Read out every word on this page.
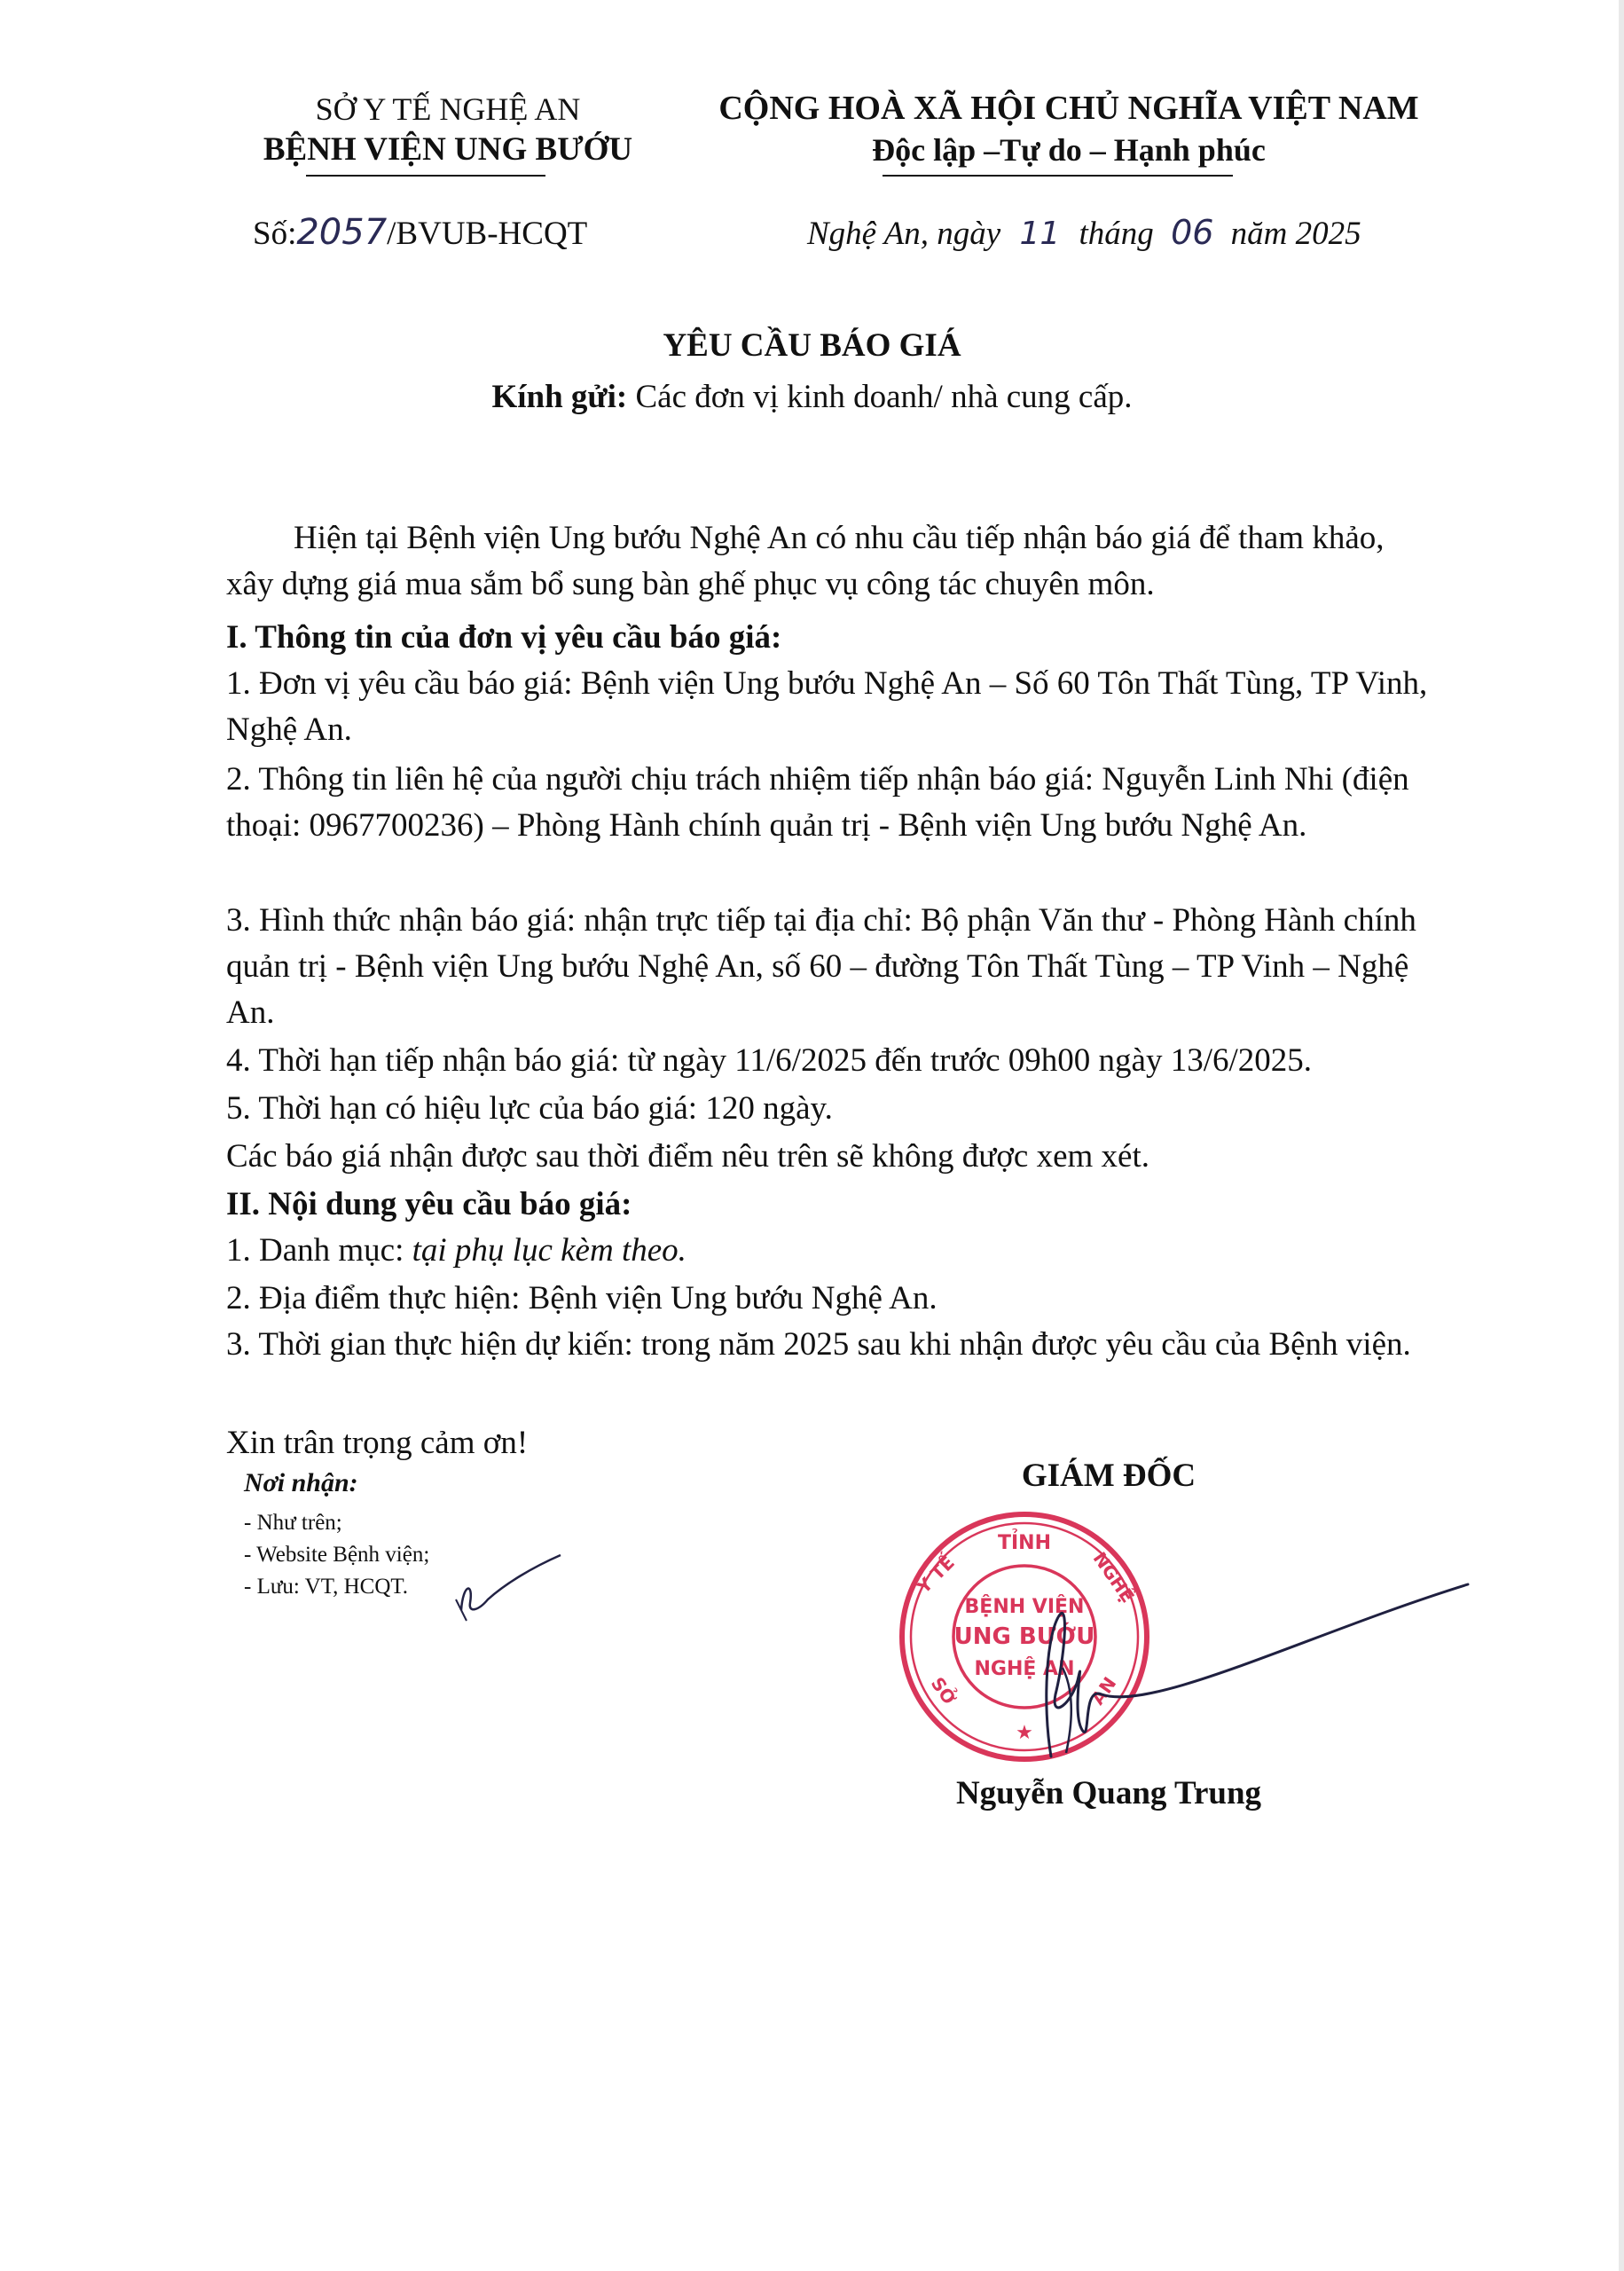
SỞ Y TẾ NGHỆ AN
BỆNH VIỆN UNG BƯỚU
Số:2057/BVUB-HCQT
CỘNG HOÀ XÃ HỘI CHỦ NGHĨA VIỆT NAM
Độc lập –Tự do – Hạnh phúc
Nghệ An, ngày 11 tháng 06 năm 2025
YÊU CẦU BÁO GIÁ
Kính gửi: Các đơn vị kinh doanh/ nhà cung cấp.

Hiện tại Bệnh viện Ung bướu Nghệ An có nhu cầu tiếp nhận báo giá để tham khảo, xây dựng giá mua sắm bổ sung bàn ghế phục vụ công tác chuyên môn.

I. Thông tin của đơn vị yêu cầu báo giá:

1. Đơn vị yêu cầu báo giá: Bệnh viện Ung bướu Nghệ An – Số 60 Tôn Thất Tùng, TP Vinh, Nghệ An.

2. Thông tin liên hệ của người chịu trách nhiệm tiếp nhận báo giá: Nguyễn Linh Nhi (điện thoại: 0967700236) – Phòng Hành chính quản trị - Bệnh viện Ung bướu Nghệ An.

3. Hình thức nhận báo giá: nhận trực tiếp tại địa chỉ: Bộ phận Văn thư - Phòng Hành chính quản trị - Bệnh viện Ung bướu Nghệ An, số 60 – đường Tôn Thất Tùng – TP Vinh – Nghệ An.

4. Thời hạn tiếp nhận báo giá: từ ngày 11/6/2025 đến trước 09h00 ngày 13/6/2025.

5. Thời hạn có hiệu lực của báo giá: 120 ngày.

Các báo giá nhận được sau thời điểm nêu trên sẽ không được xem xét.

II. Nội dung yêu cầu báo giá:

1. Danh mục: tại phụ lục kèm theo.

2. Địa điểm thực hiện: Bệnh viện Ung bướu Nghệ An.

3. Thời gian thực hiện dự kiến: trong năm 2025 sau khi nhận được yêu cầu của Bệnh viện.

Xin trân trọng cảm ơn!

Nơi nhận:
- Như trên;
- Website Bệnh viện;
- Lưu: VT, HCQT.
GIÁM ĐỐC
TỈNH
Y TẾ	NGHỆ
AN
SỞ
BỆNH VIỆN
UNG BƯỚU
NGHỆ AN
★
Nguyễn Quang Trung
